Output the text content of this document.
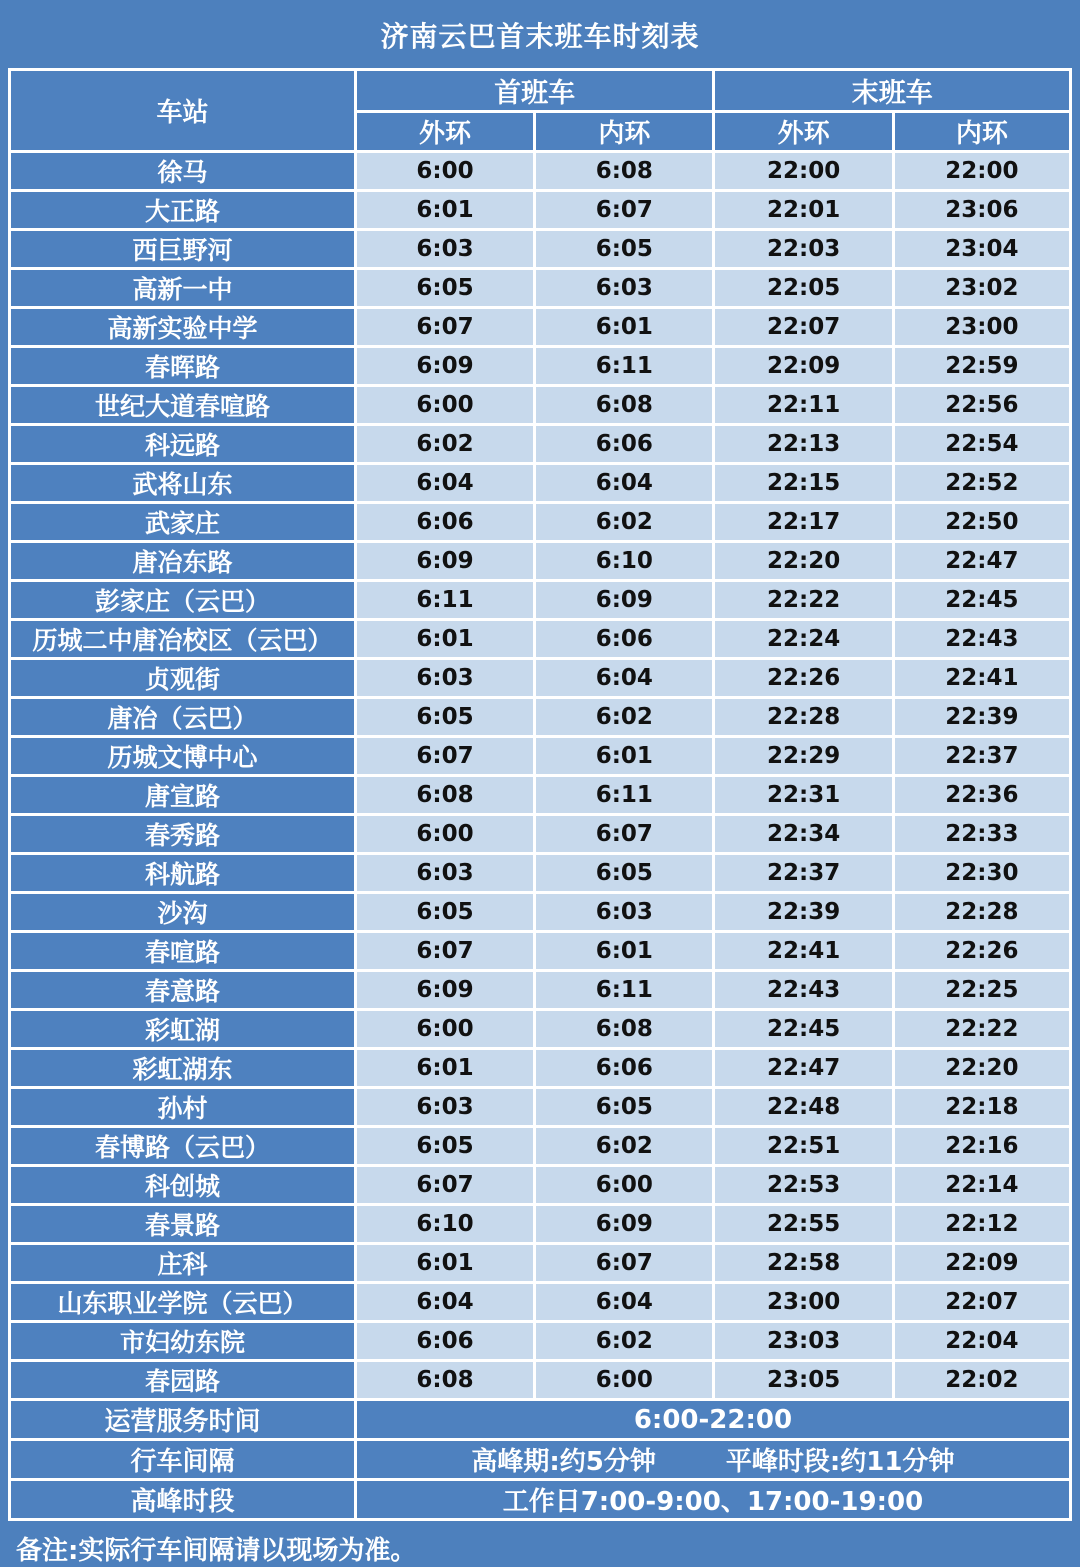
济南云巴首末班车时刻表
车站	首班车		末班车	
	外环	内环	外环	内环
徐马	6:00	6:08	22:00	22:00
大正路	6:01	6:07	22:01	23:06
西巨野河	6:03	6:05	22:03	23:04
高新一中	6:05	6:03	22:05	23:02
高新实验中学	6:07	6:01	22:07	23:00
春晖路	6:09	6:11	22:09	22:59
世纪大道春喧路	6:00	6:08	22:11	22:56
科远路	6:02	6:06	22:13	22:54
武将山东	6:04	6:04	22:15	22:52
武家庄	6:06	6:02	22:17	22:50
唐冶东路	6:09	6:10	22:20	22:47
彭家庄（云巴）	6:11	6:09	22:22	22:45
历城二中唐冶校区（云巴）	6:01	6:06	22:24	22:43
贞观街	6:03	6:04	22:26	22:41
唐冶（云巴）	6:05	6:02	22:28	22:39
历城文博中心	6:07	6:01	22:29	22:37
唐宣路	6:08	6:11	22:31	22:36
春秀路	6:00	6:07	22:34	22:33
科航路	6:03	6:05	22:37	22:30
沙沟	6:05	6:03	22:39	22:28
春喧路	6:07	6:01	22:41	22:26
春意路	6:09	6:11	22:43	22:25
彩虹湖	6:00	6:08	22:45	22:22
彩虹湖东	6:01	6:06	22:47	22:20
孙村	6:03	6:05	22:48	22:18
春博路（云巴）	6:05	6:02	22:51	22:16
科创城	6:07	6:00	22:53	22:14
春景路	6:10	6:09	22:55	22:12
庄科	6:01	6:07	22:58	22:09
山东职业学院（云巴）	6:04	6:04	23:00	22:07
市妇幼东院	6:06	6:02	23:03	22:04
春园路	6:08	6:00	23:05	22:02
运营服务时间	6:00-22:00			
行车间隔	高峰期:约5分钟 平峰时段:约11分钟			
高峰时段	工作日7:00-9:00、17:00-19:00			
备注:实际行车间隔请以现场为准。
